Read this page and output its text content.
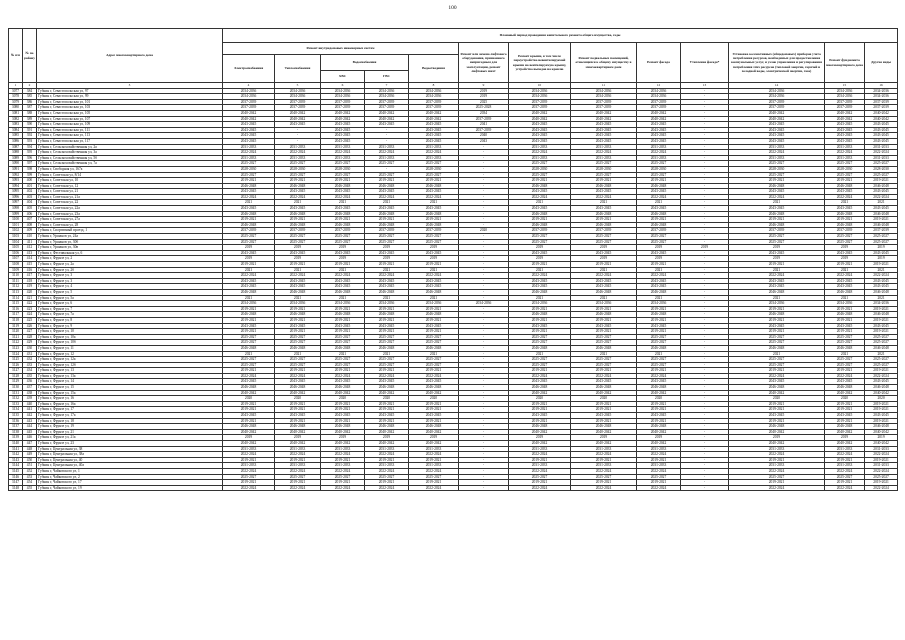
100
№ п/п	№ по району	Адрес многоквартирного дома	Плановый период проведения капитального ремонта общего имущества, годы												
			Ремонт внутридомовых инженерных систем					Ремонт или замена лифтового оборудования, признанного непригодным для эксплуатации, ремонт лифтовых шахт	Ремонт крыши, в том числе переустройство невентилируемой крыши на вентилируемую крышу, устройство выходов на кровлю	Ремонт подвальных помещений, относящихся к общему имуществу в многоквартирном доме	Ремонт фасада	Утепление фасада*	Установка коллективных (общедомовых) приборов учета потребления ресурсов, необходимых для предоставления коммунальных услуг, и узлов управления и регулирования потребления этих ресурсов (тепловой энергии, горячей и холодной воды, электрической энергии, газа)	Ремонт фундамента многоквартирного дома	Другие виды
			Электроснабжения	Теплоснабжения	Водоснабжения		Водоотведения								
					ХВС	ГВС									
1	2	3	4	5	6	7	8	9	10	11	12	13	14	15	16
3077	384	Губкин г, Севастопольская ул, 97	2034-2036	2034-2036	2034-2036	2034-2036	2034-2036	2019	2034-2036	2034-2036	2034-2036	-	2034-2036	2034-2036	2034-2036
3078	385	Губкин г, Севастопольская ул, 99	2034-2036	2034-2036	2034-2036	2034-2036	2034-2036	2019	2034-2036	2034-2036	2034-2036	-	2034-2036	2034-2036	2034-2036
3079	386	Губкин г, Севастопольская ул, 101	2037-2039	2037-2039	2037-2039	2037-2039	2037-2039	2025	2037-2039	2037-2039	2037-2039	-	2037-2039	2037-2039	2037-2039
3080	387	Губкин г, Севастопольская ул, 103	2037-2039	2037-2039	2037-2039	2037-2039	2037-2039	2025-2028	2037-2039	2037-2039	2037-2039	-	2037-2039	2037-2039	2037-2039
3081	388	Губкин г, Севастопольская ул, 105	2040-2042	2040-2042	2040-2042	2040-2042	2040-2042	2034	2040-2042	2040-2042	2040-2042	-	2040-2042	2040-2042	2040-2042
3082	389	Губкин г, Севастопольская ул, 107	2040-2042	2040-2042	2040-2042	2040-2042	2040-2042	2037-2039	2040-2042	2040-2042	2040-2042	-	2040-2042	2040-2042	2040-2042
3083	390	Губкин г, Севастопольская ул, 109	2043-2045	2043-2045	2043-2045	2043-2045	2043-2045	2041	2043-2045	2043-2045	2043-2045	-	2043-2045	2043-2045	2043-2045
3084	391	Губкин г, Севастопольская ул, 111	2043-2045	-	2043-2045	-	2043-2045	2037-2039	2043-2045	2043-2045	2043-2045	-	2043-2045	2043-2045	2043-2045
3085	392	Губкин г, Севастопольская ул, 113	2043-2045	-	2043-2045	-	2043-2045	2040	2043-2045	2043-2045	2043-2045	-	2043-2045	2043-2045	2043-2045
3086	393	Губкин г, Севастопольская ул, 117	2043-2045	-	2043-2045	-	2043-2045	2043	2043-2045	2043-2045	2043-2045	-	2043-2045	2043-2045	2043-2045
3087	394	Губкин г, Сельскохозяйственная ул, 2а	2031-2033	2031-2033	2031-2033	2031-2033	2031-2033	-	2031-2033	2031-2033	2031-2033	-	2031-2033	2031-2033	2031-2033
3088	395	Губкин г, Сельскохозяйственная ул, 3а	2022-2024	2022-2024	2022-2024	2022-2024	2022-2024	-	2022-2024	2022-2024	2022-2024	-	2022-2024	2022-2024	2022-2024
3089	396	Губкин г, Сельскохозяйственная ул, 5б	2031-2033	2031-2033	2031-2033	2031-2033	2031-2033	-	2031-2033	2031-2033	2031-2033	-	2031-2033	2031-2033	2031-2033
3090	397	Губкин г, Сельскохозяйственная ул, 7а	2025-2027	2025-2027	2025-2027	2025-2027	2025-2027	-	2025-2027	2025-2027	2025-2027	-	2025-2027	2025-2027	2025-2027
3091	398	Губкин г, Свободная ул, 167а	2028-2030	2028-2030	2028-2030	-	2028-2030	-	2028-2030	2028-2030	2028-2030	-	2028-2030	2028-2030	2028-2030
3092	399	Губкин г, Советская ул, 8/14	2025-2027	2025-2027	2025-2027	2025-2027	2025-2027	-	2025-2027	2025-2027	2025-2027	-	2025-2027	2025-2027	2025-2027
3093	400	Губкин г, Советская ул, 10	2019-2021	2019-2021	2019-2021	2019-2021	2019-2021	-	2019-2021	2019-2021	2019-2021	-	2019-2021	2019-2021	2019-2021
3094	401	Губкин г, Советская ул, 12	2046-2048	2046-2048	2046-2048	2046-2048	2046-2048	-	2046-2048	2046-2048	2046-2048	-	2046-2048	2046-2048	2046-2048
3095	402	Губкин г, Советская ул, 21	2043-2045	2043-2045	2043-2045	2043-2045	2043-2045	-	2043-2045	2043-2045	2043-2045	-	2043-2045	2043-2045	2043-2045
3096	403	Губкин г, Советская ул, 21а	2022-2024	2022-2024	2022-2024	2022-2024	2022-2024	-	2022-2024	2022-2024	2022-2024	-	2022-2024	2022-2024	2022-2024
3097	404	Губкин г, Советская ул, 22	2021	2021	2021	2021	2021	-	2021	2021	2021	-	2021	2021	2021
3098	405	Губкин г, Советская ул, 22а	2043-2045	2043-2045	2043-2045	2043-2045	2043-2045	-	2043-2045	2043-2045	2043-2045	-	2043-2045	2043-2045	2043-2045
3099	406	Губкин г, Советская ул, 23а	2046-2048	2046-2048	2046-2048	2046-2048	2046-2048	-	2046-2048	2046-2048	2046-2048	-	2046-2048	2046-2048	2046-2048
3100	407	Губкин г, Советская ул, 27а	2019-2021	2019-2021	2019-2021	2019-2021	2019-2021	-	2019-2021	2019-2021	2019-2021	-	2019-2021	2019-2021	2019-2021
3101	408	Губкин г, Советская ул, 28	2046-2048	2046-2048	2046-2048	2046-2048	2046-2048	-	2046-2048	2046-2048	2046-2048	-	2046-2048	2046-2048	2046-2048
3102	409	Губкин г, Спортивный проезд, 1	2037-2039	2037-2039	2037-2039	2037-2039	2037-2039	2020	2037-2039	2037-2039	2037-2039	-	2037-2039	2037-2039	2037-2039
3103	410	Губкин г, Уршанов ул, 24а	2025-2027	2025-2027	2025-2027	2025-2027	2025-2027	-	2025-2027	2025-2027	2025-2027	-	2025-2027	2025-2027	2025-2027
3104	411	Губкин г, Уршанов ул, 30б	2025-2027	2025-2027	2025-2027	2025-2027	2025-2027	-	2025-2027	2025-2027	2025-2027	-	2025-2027	2025-2027	2025-2027
3105	412	Губкин г, Уршанов ул, 30в	2019	2019	2019	2019	2019	-	2019	2019	2019	2019	2019	2019	2019
3106	413	Губкин г, Фестивальная ул, 6	2043-2045	2043-2045	2043-2045	2043-2045	2043-2045	-	2043-2045	2043-2045	2043-2045	-	2043-2045	2043-2045	2043-2045
3107	414	Губкин г, Фрунзе ул, 2	2019	2019	2019	2019	2019	-	2019	2019	2019	-	2019	2019	2019
3108	415	Губкин г, Фрунзе ул, 2а	2019-2021	2019-2021	2019-2021	2019-2021	2019-2021	-	2019-2021	2019-2021	2019-2021	-	2019-2021	2019-2021	2019-2021
3109	416	Губкин г, Фрунзе ул, 2б	2021	2021	2021	2021	2021	-	2021	2021	2021	-	2021	2021	2021
3110	417	Губкин г, Фрунзе ул, 3	2022-2024	2022-2024	2022-2024	2022-2024	2022-2024	-	2022-2024	2022-2024	2022-2024	-	2022-2024	2022-2024	2022-2024
3111	418	Губкин г, Фрунзе ул, 3	2043-2045	2043-2045	2043-2045	2043-2045	2043-2045	-	2043-2045	2043-2045	2043-2045	-	2043-2045	2043-2045	2043-2045
3112	419	Губкин г, Фрунзе ул, 4	2043-2045	2043-2045	2043-2045	2043-2045	2043-2045	-	2043-2045	2043-2045	2043-2045	-	2043-2045	2043-2045	2043-2045
3113	420	Губкин г, Фрунзе ул, 5	2046-2048	2046-2048	2046-2048	2046-2048	2046-2048	-	2046-2048	2046-2048	2046-2048	-	2046-2048	2046-2048	2046-2048
3114	421	Губкин г, Фрунзе ул, 5а	2021	2021	2021	2021	2021	-	2021	2021	2021	-	2021	2021	2021
3115	422	Губкин г, Фрунзе ул, 6	2034-2036	2034-2036	2034-2036	2034-2036	2034-2036	2034-2036	2034-2036	2034-2036	2034-2036	-	2034-2036	2034-2036	2034-2036
3116	423	Губкин г, Фрунзе ул, 7	2019-2021	2019-2021	2019-2021	2019-2021	2019-2021	-	2019-2021	2019-2021	2019-2021	-	2019-2021	2019-2021	2019-2021
3117	424	Губкин г, Фрунзе ул, 7а	2046-2048	2046-2048	2046-2048	2046-2048	2046-2048	-	2046-2048	2046-2048	2046-2048	-	2046-2048	2046-2048	2046-2048
3118	425	Губкин г, Фрунзе ул, 8	2019-2021	2019-2021	2019-2021	2019-2021	2019-2021	-	2019-2021	2019-2021	2019-2021	-	2019-2021	2019-2021	2019-2021
3119	426	Губкин г, Фрунзе ул, 9	2043-2045	2043-2045	2043-2045	2043-2045	2043-2045	-	2043-2045	2043-2045	2043-2045	-	2043-2045	2043-2045	2043-2045
3120	427	Губкин г, Фрунзе ул, 10	2019-2021	2019-2021	2019-2021	2019-2021	2019-2021	-	2019-2021	2019-2021	2019-2021	-	2019-2021	2019-2021	2019-2021
3121	428	Губкин г, Фрунзе ул, 10а	2025-2027	2025-2027	2025-2027	2025-2027	2025-2027	-	2025-2027	2025-2027	2025-2027	-	2025-2027	2025-2027	2025-2027
3122	429	Губкин г, Фрунзе ул, 10б	2025-2027	2025-2027	2025-2027	2025-2027	2025-2027	-	2025-2027	2025-2027	2025-2027	-	2025-2027	2025-2027	2025-2027
3123	430	Губкин г, Фрунзе ул, 11	2046-2048	2046-2048	2046-2048	2046-2048	2046-2048	-	2046-2048	2046-2048	2046-2048	-	2046-2048	2046-2048	2046-2048
3124	431	Губкин г, Фрунзе ул, 12	2021	2021	2021	2021	2021	-	2021	2021	2021	-	2021	2021	2021
3125	432	Губкин г, Фрунзе ул, 12а	2025-2027	2025-2027	2025-2027	2025-2027	2025-2027	-	2025-2027	2025-2027	2025-2027	-	2025-2027	2025-2027	2025-2027
3126	433	Губкин г, Фрунзе ул, 12б	2025-2027	2025-2027	2025-2027	2025-2027	2025-2027	-	2025-2027	2025-2027	2025-2027	-	2025-2027	2025-2027	2025-2027
3127	434	Губкин г, Фрунзе ул, 13	2019-2021	2019-2021	2019-2021	2019-2021	2019-2021	-	2019-2021	2019-2021	2019-2021	-	2019-2021	2019-2021	2019-2021
3128	435	Губкин г, Фрунзе ул, 13а	2022-2024	2022-2024	2022-2024	2022-2024	2022-2024	-	2022-2024	2022-2024	2022-2024	-	2022-2024	2022-2024	2022-2024
3129	436	Губкин г, Фрунзе ул, 14	2043-2045	2043-2045	2043-2045	2043-2045	2043-2045	-	2043-2045	2043-2045	2043-2045	-	2043-2045	2043-2045	2043-2045
3130	437	Губкин г, Фрунзе ул, 15	2046-2048	2046-2048	2046-2048	2046-2048	2046-2048	-	2046-2048	2046-2048	2046-2048	-	2046-2048	2046-2048	2046-2048
3131	438	Губкин г, Фрунзе ул, 15а	2040-2042	2040-2042	2040-2042	2040-2042	2040-2042	-	2040-2042	2040-2042	2040-2042	-	2040-2042	2040-2042	2040-2042
3132	439	Губкин г, Фрунзе ул, 16	2020	2020	2020	2020	2020	-	2020	2020	2020	-	2020	2020	2020
3133	440	Губкин г, Фрунзе ул, 16а	2019-2021	2019-2021	2019-2021	2019-2021	2019-2021	-	2019-2021	2019-2021	2019-2021	-	2019-2021	2019-2021	2019-2021
3134	441	Губкин г, Фрунзе ул, 17	2019-2021	2019-2021	2019-2021	2019-2021	2019-2021	-	2019-2021	2019-2021	2019-2021	-	2019-2021	2019-2021	2019-2021
3135	442	Губкин г, Фрунзе ул, 17а	2043-2045	2043-2045	2043-2045	2043-2045	2043-2045	-	2043-2045	2043-2045	2043-2045	-	2043-2045	2043-2045	2043-2045
3136	443	Губкин г, Фрунзе ул, 18	2019-2021	2019-2021	2019-2021	2019-2021	2019-2021	-	2019-2021	2019-2021	2019-2021	-	2019-2021	2019-2021	2019-2021
3137	444	Губкин г, Фрунзе ул, 19	2046-2048	2046-2048	2046-2048	2046-2048	2046-2048	-	2046-2048	2046-2048	2046-2048	-	2046-2048	2046-2048	2046-2048
3138	445	Губкин г, Фрунзе ул, 21	2040-2042	2040-2042	2040-2042	2040-2042	2040-2042	-	2040-2042	2040-2042	2040-2042	-	2040-2042	2040-2042	2040-2042
3139	446	Губкин г, Фрунзе ул, 21а	2019	2019	2019	2019	2019	-	2019	2019	2019	-	2019	2019	2019
3140	447	Губкин г, Фрунзе ул, 23	2040-2042	2040-2042	2040-2042	2040-2042	2040-2042	-	2040-2042	2040-2042	2040-2042	-	2040-2042	2040-2042	2040-2042
3141	448	Губкин г, Центральная ул, 38	2031-2033	2031-2033	2031-2033	2031-2033	2031-2033	-	2031-2033	2031-2033	2031-2033	-	2031-2033	2031-2033	2031-2033
3142	449	Губкин г, Центральная ул, 38а	2022-2024	2022-2024	2022-2024	2022-2024	2022-2024	-	2022-2024	2022-2024	2022-2024	-	2022-2024	2022-2024	2022-2024
3143	450	Губкин г, Центральная ул, 40	2019-2021	2019-2021	2019-2021	2019-2021	2019-2021	-	2019-2021	2019-2021	2019-2021	-	2019-2021	2019-2021	2019-2021
3144	451	Губкин г, Центральная ул, 40а	2031-2033	2031-2033	2031-2033	2031-2033	2031-2033	-	2031-2033	2031-2033	2031-2033	-	2031-2033	2031-2033	2031-2033
3145	452	Губкин г, Чайковского ул, 1	2022-2024	2022-2024	2022-2024	2022-2024	2022-2024	-	2022-2024	2022-2024	2022-2024	-	2022-2024	2022-2024	2022-2024
3146	453	Губкин г, Чайковского ул, 2	2025-2027	2025-2027	2025-2027	2025-2027	2025-2027	-	2025-2027	2025-2027	2025-2027	-	2025-2027	2025-2027	2025-2027
3147	454	Губкин г, Чайковского ул, 17	2019-2021	2019-2021	2019-2021	2019-2021	2019-2021	-	2019-2021	2019-2021	2019-2021	-	2019-2021	2019-2021	2019-2021
3148	455	Губкин г, Чайковского ул, 19	2022-2024	2022-2024	2022-2024	2022-2024	2022-2024	-	2022-2024	2022-2024	2022-2024	-	2022-2024	2022-2024	2022-2024
